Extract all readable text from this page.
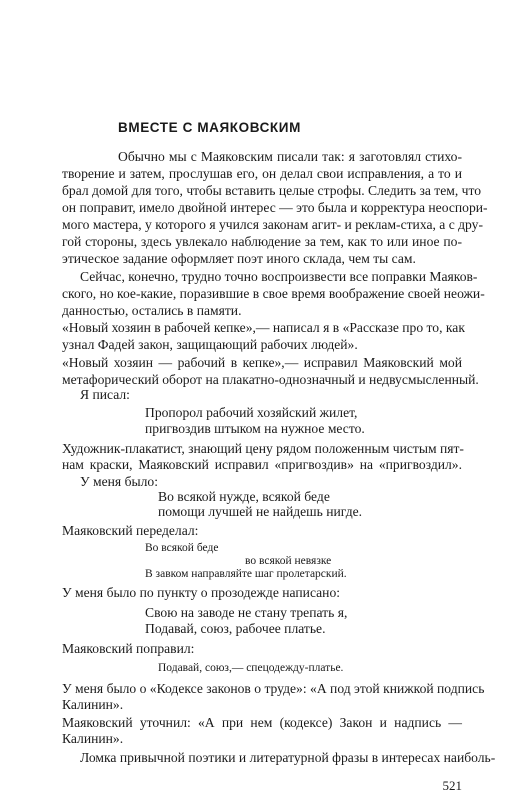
ВМЕСТЕ С МАЯКОВСКИМ
Обычно мы с Маяковским писали так: я заготовлял стихо-
творение и затем, прослушав его, он делал свои исправления, а то и
брал домой для того, чтобы вставить целые строфы. Следить за тем, что
он поправит, имело двойной интерес — это была и корректура неоспори-
мого мастера, у которого я учился законам агит- и реклам-стиха, а с дру-
гой стороны, здесь увлекало наблюдение за тем, как то или иное по-
этическое задание оформляет поэт иного склада, чем ты сам.
Сейчас, конечно, трудно точно воспроизвести все поправки Маяков-
ского, но кое-какие, поразившие в свое время воображение своей неожи-
данностью, остались в памяти.
«Новый хозяин в рабочей кепке»,— написал я в «Рассказе про то, как
узнал Фадей закон, защищающий рабочих людей».
«Новый хозяин — рабочий в кепке»,— исправил Маяковский мой
метафорический оборот на плакатно-однозначный и недвусмысленный.
Я писал:
Пропорол рабочий хозяйский жилет,
пригвоздив штыком на нужное место.
Художник-плакатист, знающий цену рядом положенным чистым пят-
нам краски, Маяковский исправил «пригвоздив» на «пригвоздил».
У меня было:
Во всякой нужде, всякой беде
помощи лучшей не найдешь нигде.
Маяковский переделал:
Во всякой беде
во всякой невязке
В завком направляйте шаг пролетарский.
У меня было по пункту о прозодежде написано:
Свою на заводе не стану трепать я,
Подавай, союз, рабочее платье.
Маяковский поправил:
Подавай, союз,— спецодежду-платье.
У меня было о «Кодексе законов о труде»: «А под этой книжкой подпись
Калинин».
Маяковский уточнил: «А при нем (кодексе) Закон и надпись —
Калинин».
Ломка привычной поэтики и литературной фразы в интересах наиболь-
521
